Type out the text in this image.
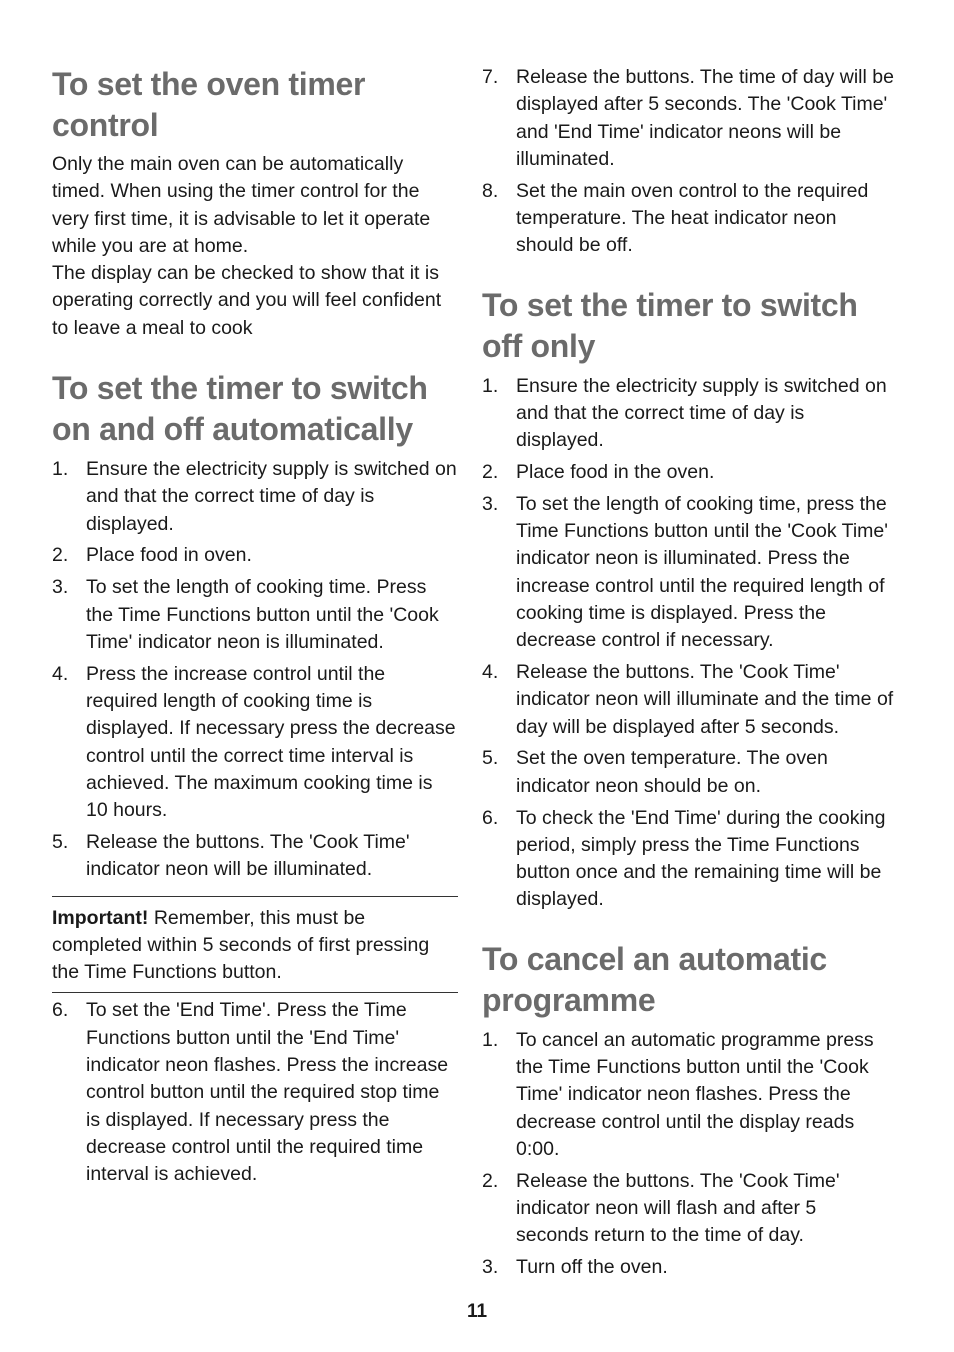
To set the oven timer control

Only the main oven can be automatically timed. When using the timer control for the very first time, it is advisable to let it operate while you are at home.

The display can be checked to show that it is operating correctly and you will feel confident to leave a meal to cook

To set the timer to switch on and off automatically
1. Ensure the electricity supply is switched on and that the correct time of day is displayed.
2. Place food in oven.
3. To set the length of cooking time. Press the Time Functions button until the 'Cook Time' indicator neon is illuminated.
4. Press the increase control until the required length of cooking time is displayed. If necessary press the decrease control until the correct time interval is achieved. The maximum cooking time is 10 hours.
5. Release the buttons. The 'Cook Time' indicator neon will be illuminated.

Important! Remember, this must be completed within 5 seconds of first pressing the Time Functions button.

6. To set the 'End Time'. Press the Time Functions button until the 'End Time' indicator neon flashes. Press the increase control button until the required stop time is displayed. If necessary press the decrease control until the required time interval is achieved.
7. Release the buttons. The time of day will be displayed after 5 seconds. The 'Cook Time' and 'End Time' indicator neons will be illuminated.
8. Set the main oven control to the required temperature. The heat indicator neon should be off.
To set the timer to switch off only
1. Ensure the electricity supply is switched on and that the correct time of day is displayed.
2. Place food in the oven.
3. To set the length of cooking time, press the Time Functions button until the 'Cook Time' indicator neon is illuminated. Press the increase control until the required length of cooking time is displayed. Press the decrease control if necessary.
4. Release the buttons. The 'Cook Time' indicator neon will illuminate and the time of day will be displayed after 5 seconds.
5. Set the oven temperature. The oven indicator neon should be on.
6. To check the 'End Time' during the cooking period, simply press the Time Functions button once and the remaining time will be displayed.
To cancel an automatic programme
1. To cancel an automatic programme press the Time Functions button until the 'Cook Time' indicator neon flashes. Press the decrease control until the display reads 0:00.
2. Release the buttons. The 'Cook Time' indicator neon will flash and after 5 seconds return to the time of day.
3. Turn off the oven.
11
